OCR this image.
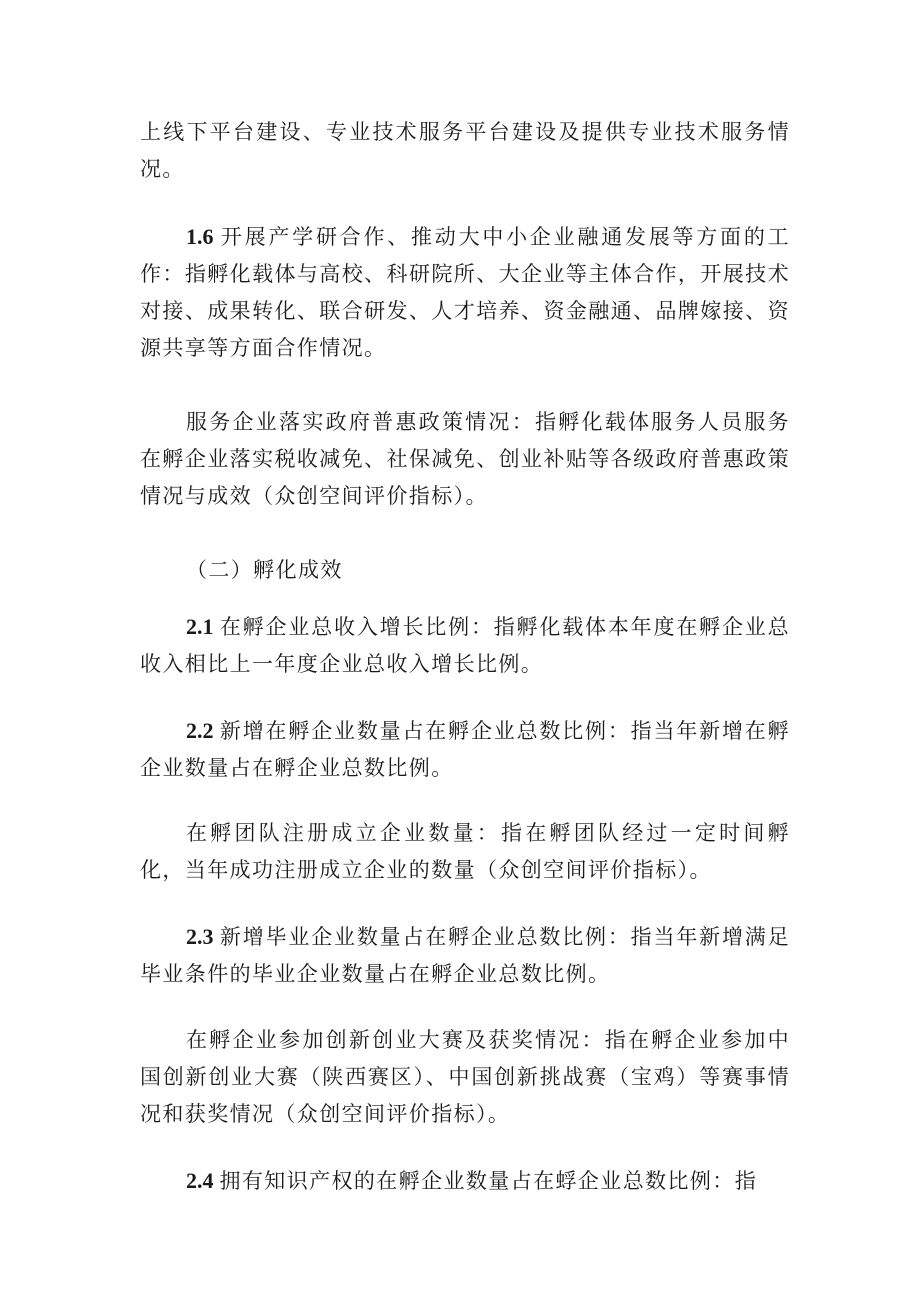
上线下平台建设、专业技术服务平台建设及提供专业技术服务情况。

1.6 开展产学研合作、推动大中小企业融通发展等方面的工作：指孵化载体与高校、科研院所、大企业等主体合作，开展技术对接、成果转化、联合研发、人才培养、资金融通、品牌嫁接、资源共享等方面合作情况。

服务企业落实政府普惠政策情况：指孵化载体服务人员服务在孵企业落实税收减免、社保减免、创业补贴等各级政府普惠政策情况与成效（众创空间评价指标）。

（二）孵化成效

2.1 在孵企业总收入增长比例：指孵化载体本年度在孵企业总收入相比上一年度企业总收入增长比例。

2.2 新增在孵企业数量占在孵企业总数比例：指当年新增在孵企业数量占在孵企业总数比例。

在孵团队注册成立企业数量：指在孵团队经过一定时间孵化，当年成功注册成立企业的数量（众创空间评价指标）。

2.3 新增毕业企业数量占在孵企业总数比例：指当年新增满足毕业条件的毕业企业数量占在孵企业总数比例。

在孵企业参加创新创业大赛及获奖情况：指在孵企业参加中国创新创业大赛（陕西赛区）、中国创新挑战赛（宝鸡）等赛事情况和获奖情况（众创空间评价指标）。

2.4 拥有知识产权的在孵企业数量占在蜉企业总数比例：指
